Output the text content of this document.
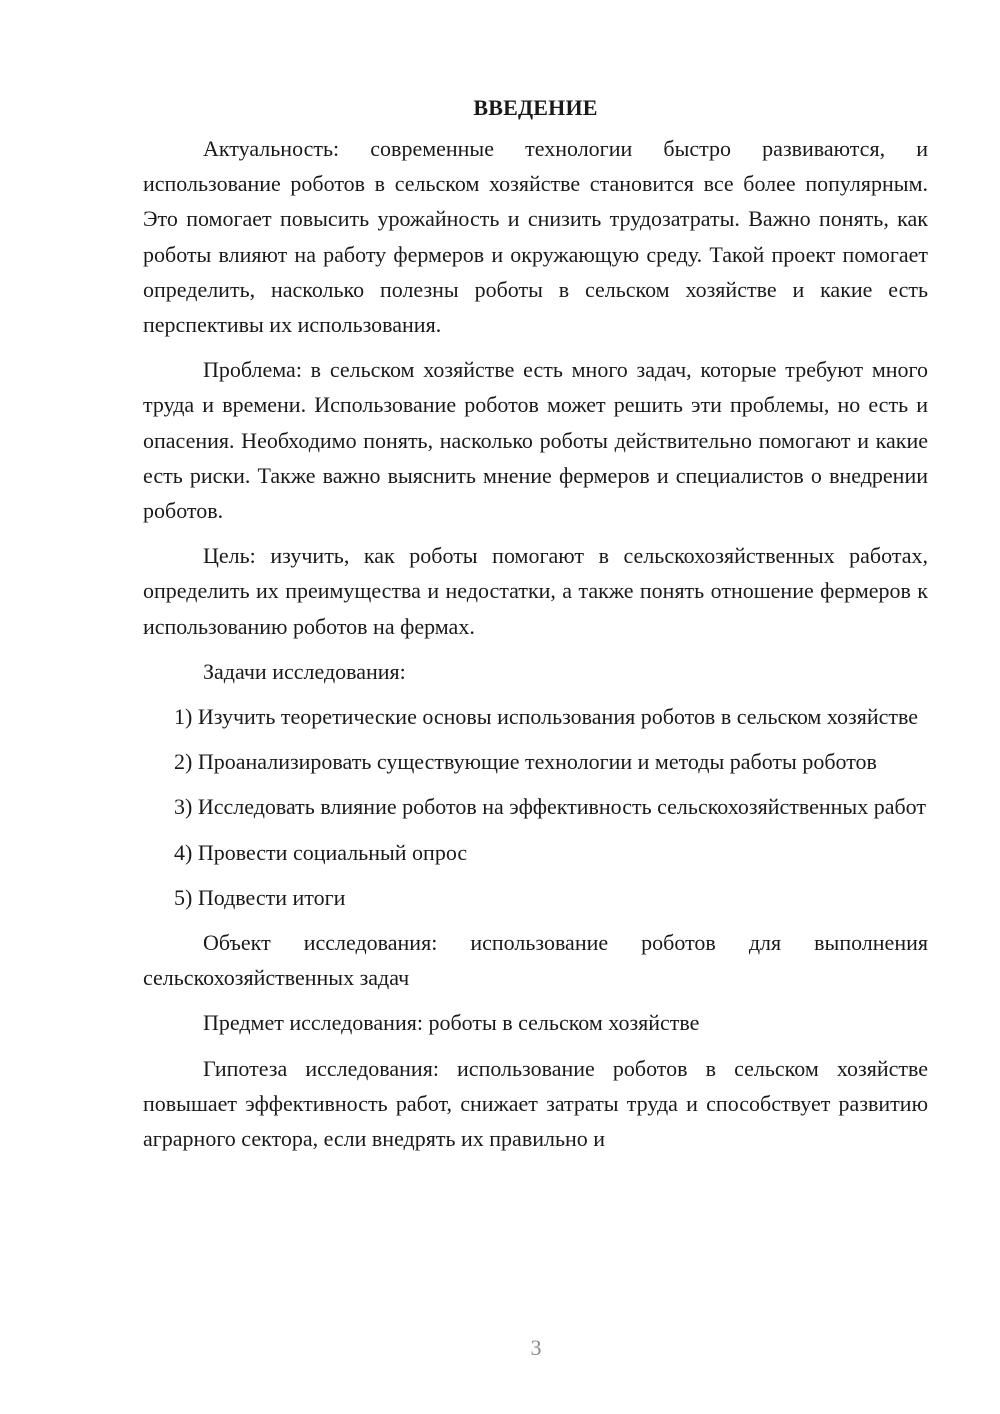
ВВЕДЕНИЕ

Актуальность: современные технологии быстро развиваются, и использование роботов в сельском хозяйстве становится все более популярным. Это помогает повысить урожайность и снизить трудозатраты. Важно понять, как роботы влияют на работу фермеров и окружающую среду. Такой проект помогает определить, насколько полезны роботы в сельском хозяйстве и какие есть перспективы их использования.

Проблема: в сельском хозяйстве есть много задач, которые требуют много труда и времени. Использование роботов может решить эти проблемы, но есть и опасения. Необходимо понять, насколько роботы действительно помогают и какие есть риски. Также важно выяснить мнение фермеров и специалистов о внедрении роботов.

Цель: изучить, как роботы помогают в сельскохозяйственных работах, определить их преимущества и недостатки, а также понять отношение фермеров к использованию роботов на фермах.

Задачи исследования:

1) Изучить теоретические основы использования роботов в сельском хозяйстве

2) Проанализировать существующие технологии и методы работы роботов

3) Исследовать влияние роботов на эффективность сельскохозяйственных работ

4) Провести социальный опрос

5) Подвести итоги

Объект исследования: использование роботов для выполнения сельскохозяйственных задач

Предмет исследования: роботы в сельском хозяйстве

Гипотеза исследования: использование роботов в сельском хозяйстве повышает эффективность работ, снижает затраты труда и способствует развитию аграрного сектора, если внедрять их правильно и

3
